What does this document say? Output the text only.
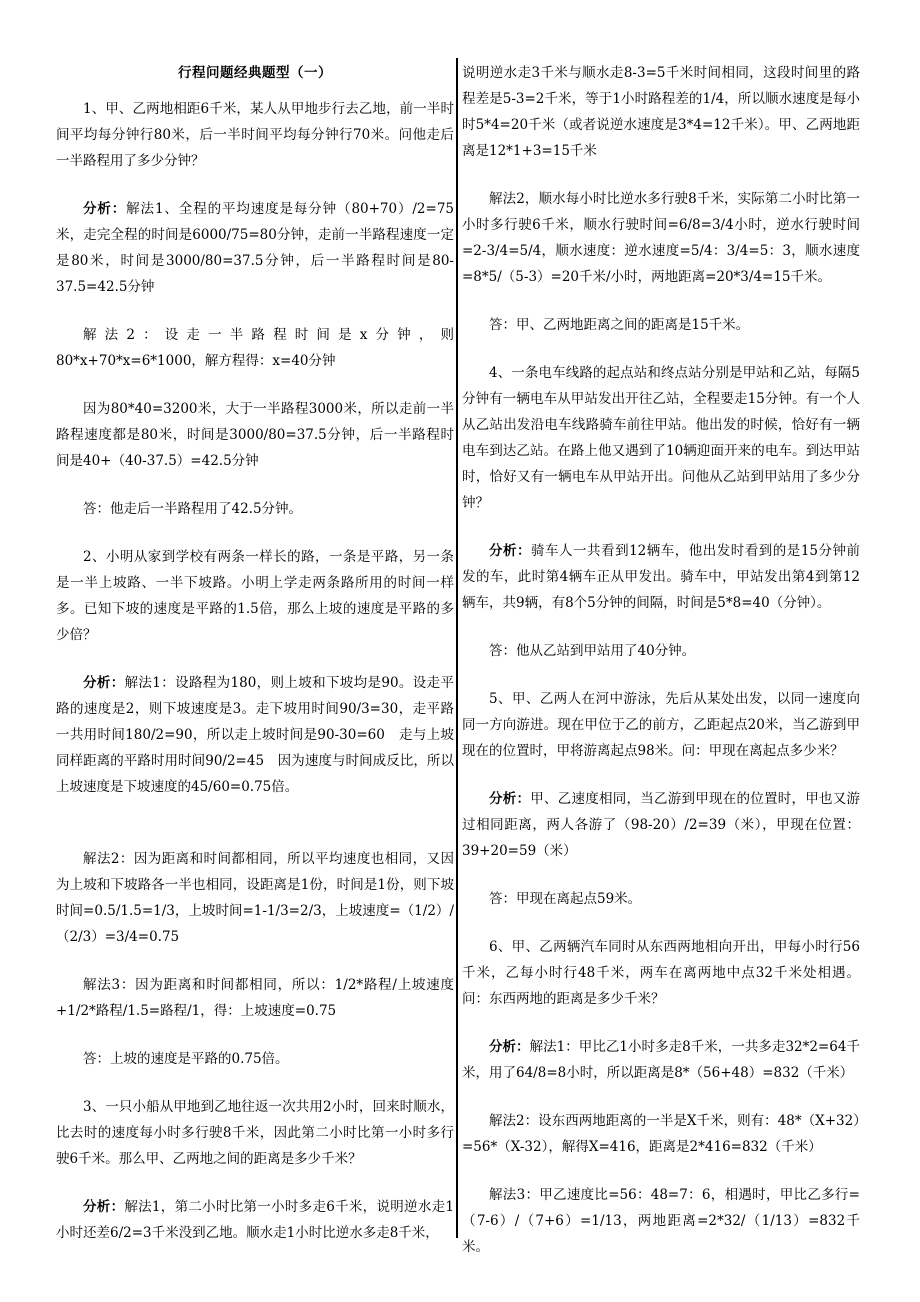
行程问题经典题型（一）

1、甲、乙两地相距6千米，某人从甲地步行去乙地，前一半时间平均每分钟行80米，后一半时间平均每分钟行70米。问他走后一半路程用了多少分钟？

分析：解法1、全程的平均速度是每分钟（80+70）/2=75米，走完全程的时间是6000/75=80分钟，走前一半路程速度一定是80米，时间是3000/80=37.5分钟，后一半路程时间是80-37.5=42.5分钟

解法2：设走一半路程时间是x分钟，则80*x+70*x=6*1000，解方程得：x=40分钟

因为80*40=3200米，大于一半路程3000米，所以走前一半路程速度都是80米，时间是3000/80=37.5分钟，后一半路程时间是40+（40-37.5）=42.5分钟

答：他走后一半路程用了42.5分钟。

2、小明从家到学校有两条一样长的路，一条是平路，另一条是一半上坡路、一半下坡路。小明上学走两条路所用的时间一样多。已知下坡的速度是平路的1.5倍，那么上坡的速度是平路的多少倍？

分析：解法1：设路程为180，则上坡和下坡均是90。设走平路的速度是2，则下坡速度是3。走下坡用时间90/3=30，走平路一共用时间180/2=90，所以走上坡时间是90-30=60　走与上坡同样距离的平路时用时间90/2=45　因为速度与时间成反比，所以上坡速度是下坡速度的45/60=0.75倍。

解法2：因为距离和时间都相同，所以平均速度也相同，又因为上坡和下坡路各一半也相同，设距离是1份，时间是1份，则下坡时间=0.5/1.5=1/3，上坡时间=1-1/3=2/3，上坡速度=（1/2）/（2/3）=3/4=0.75

解法3：因为距离和时间都相同，所以：1/2*路程/上坡速度+1/2*路程/1.5=路程/1，得：上坡速度=0.75

答：上坡的速度是平路的0.75倍。

3、一只小船从甲地到乙地往返一次共用2小时，回来时顺水，比去时的速度每小时多行驶8千米，因此第二小时比第一小时多行驶6千米。那么甲、乙两地之间的距离是多少千米？

分析：解法1，第二小时比第一小时多走6千米，说明逆水走1小时还差6/2=3千米没到乙地。顺水走1小时比逆水多走8千米，

说明逆水走3千米与顺水走8-3=5千米时间相同，这段时间里的路程差是5-3=2千米，等于1小时路程差的1/4，所以顺水速度是每小时5*4=20千米（或者说逆水速度是3*4=12千米）。甲、乙两地距离是12*1+3=15千米

解法2，顺水每小时比逆水多行驶8千米，实际第二小时比第一小时多行驶6千米，顺水行驶时间=6/8=3/4小时，逆水行驶时间=2-3/4=5/4，顺水速度：逆水速度=5/4：3/4=5：3，顺水速度=8*5/（5-3）=20千米/小时，两地距离=20*3/4=15千米。

答：甲、乙两地距离之间的距离是15千米。

4、一条电车线路的起点站和终点站分别是甲站和乙站，每隔5分钟有一辆电车从甲站发出开往乙站，全程要走15分钟。有一个人从乙站出发沿电车线路骑车前往甲站。他出发的时候，恰好有一辆电车到达乙站。在路上他又遇到了10辆迎面开来的电车。到达甲站时，恰好又有一辆电车从甲站开出。问他从乙站到甲站用了多少分钟？

分析：骑车人一共看到12辆车，他出发时看到的是15分钟前发的车，此时第4辆车正从甲发出。骑车中，甲站发出第4到第12辆车，共9辆，有8个5分钟的间隔，时间是5*8=40（分钟）。

答：他从乙站到甲站用了40分钟。

5、甲、乙两人在河中游泳，先后从某处出发，以同一速度向同一方向游进。现在甲位于乙的前方，乙距起点20米，当乙游到甲现在的位置时，甲将游离起点98米。问：甲现在离起点多少米？

分析：甲、乙速度相同，当乙游到甲现在的位置时，甲也又游过相同距离，两人各游了（98-20）/2=39（米），甲现在位置：39+20=59（米）

答：甲现在离起点59米。

6、甲、乙两辆汽车同时从东西两地相向开出，甲每小时行56千米，乙每小时行48千米，两车在离两地中点32千米处相遇。问：东西两地的距离是多少千米？

分析：解法1：甲比乙1小时多走8千米，一共多走32*2=64千米，用了64/8=8小时，所以距离是8*（56+48）=832（千米）

解法2：设东西两地距离的一半是X千米，则有：48*（X+32）=56*（X-32），解得X=416，距离是2*416=832（千米）

解法3：甲乙速度比=56：48=7：6，相遇时，甲比乙多行=（7-6）/（7+6）=1/13，两地距离=2*32/（1/13）=832千米。
